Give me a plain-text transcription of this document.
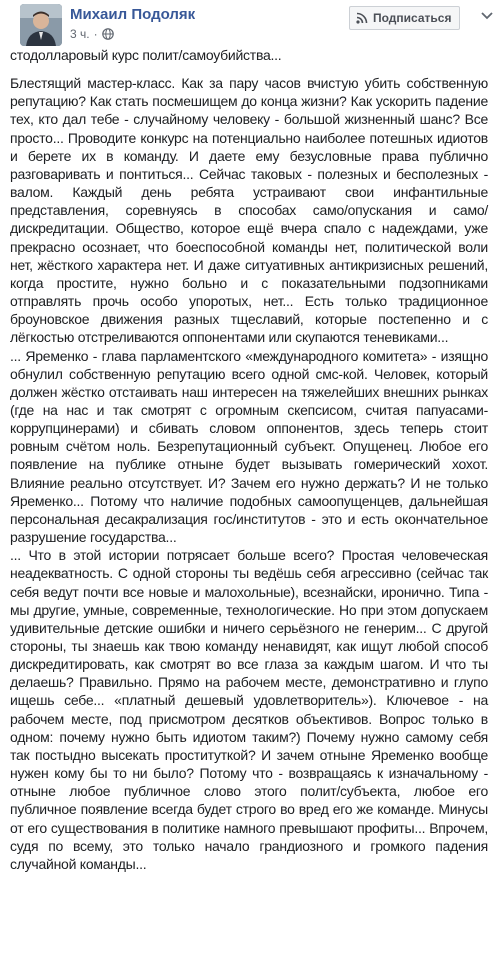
Михаил Подоляк
3 ч. ·
Подписаться

стодолларовый курс полит/самоубийства...

Блестящий мастер-класс. Как за пару часов вчистую убить собственную репутацию? Как стать посмешищем до конца жизни? Как ускорить падение тех, кто дал тебе - случайному человеку - большой жизненный шанс? Все просто... Проводите конкурс на потенциально наиболее потешных идиотов и берете их в команду. И даете ему безусловные права публично разговаривать и понтиться... Сейчас таковых - полезных и бесполезных - валом. Каждый день ребята устраивают свои инфантильные представления, соревнуясь в способах само/опускания и само/дискредитации. Общество, которое ещё вчера спало с надеждами, уже прекрасно осознает, что боеспособной команды нет, политической воли нет, жёсткого характера нет. И даже ситуативных антикризисных решений, когда простите, нужно больно и с показательными подзопниками отправлять прочь особо упоротых, нет... Есть только традиционное броуновское движения разных тщеславий, которые постепенно и с лёгкостью отстреливаются оппонентами или скупаются теневиками...

... Яременко - глава парламентского «международного комитета» - изящно обнулил собственную репутацию всего одной смс-кой. Человек, который должен жёстко отстаивать наш интересен на тяжелейших внешних рынках (где на нас и так смотрят с огромным скепсисом, считая папуасами-коррупцинерами) и сбивать словом оппонентов, здесь теперь стоит ровным счётом ноль. Безрепутационный субъект. Опущенец. Любое его появление на публике отныне будет вызывать гомерический хохот. Влияние реально отсутствует. И? Зачем его нужно держать? И не только Яременко... Потому что наличие подобных самоопущенцев, дальнейшая персональная десакрализация гос/институтов - это и есть окончательное разрушение государства...

... Что в этой истории потрясает больше всего? Простая человеческая неадекватность. С одной стороны ты ведёшь себя агрессивно (сейчас так себя ведут почти все новые и малохольные), всезнайски, иронично. Типа - мы другие, умные, современные, технологические. Но при этом допускаем удивительные детские ошибки и ничего серьёзного не генерим... С другой стороны, ты знаешь как твою команду ненавидят, как ищут любой способ дискредитировать, как смотрят во все глаза за каждым шагом. И что ты делаешь? Правильно. Прямо на рабочем месте, демонстративно и глупо ищешь себе... «платный дешевый удовлетворитель»). Ключевое - на рабочем месте, под присмотром десятков объективов. Вопрос только в одном: почему нужно быть идиотом таким?) Почему нужно самому себя так постыдно высекать проституткой? И зачем отныне Яременко вообще нужен кому бы то ни было? Потому что - возвращаясь к изначальному - отныне любое публичное слово этого полит/субъекта, любое его публичное появление всегда будет строго во вред его же команде. Минусы от его существования в политике намного превышают профиты... Впрочем, судя по всему, это только начало грандиозного и громкого падения случайной команды...
